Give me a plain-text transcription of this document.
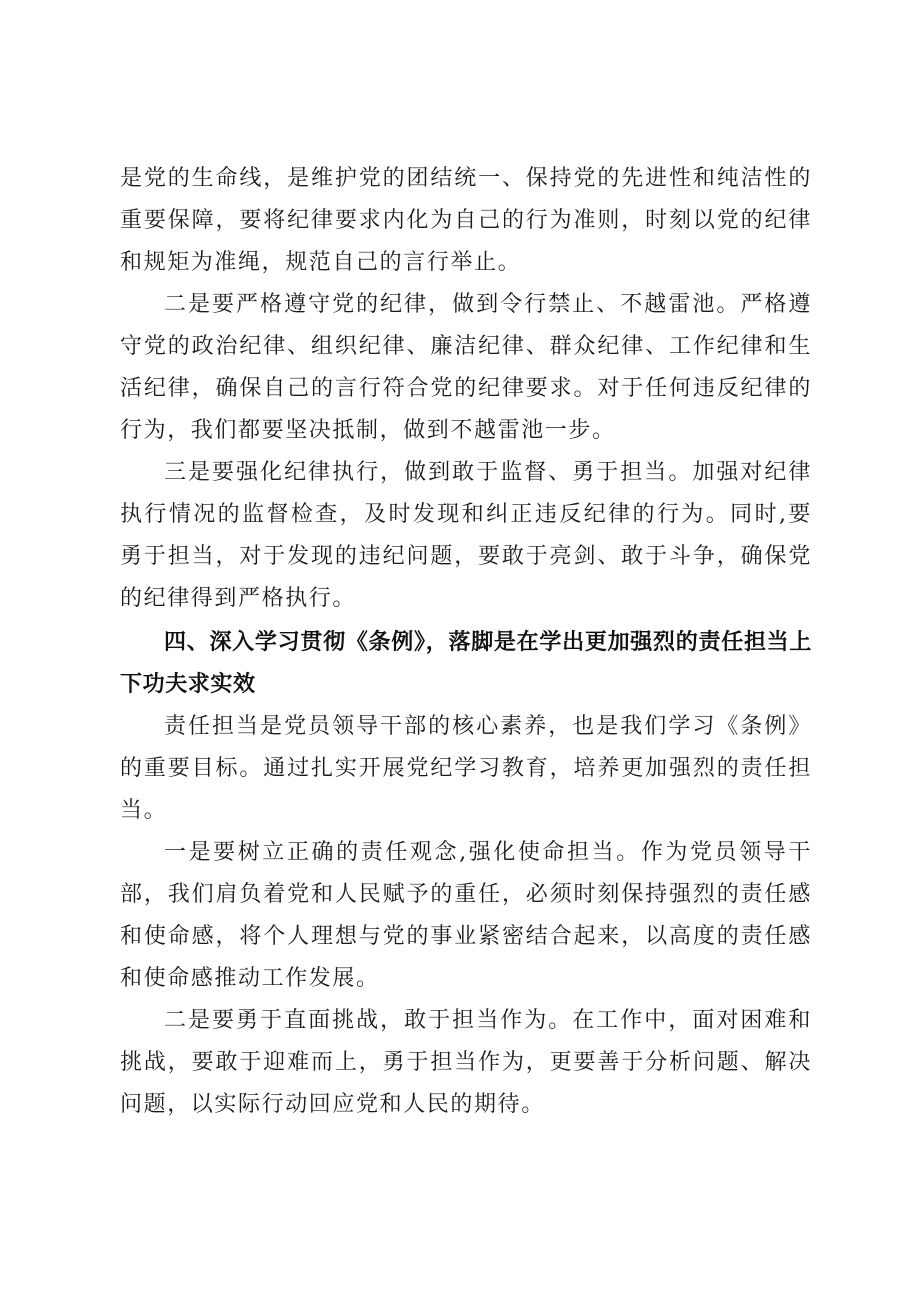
是党的生命线，是维护党的团结统一、保持党的先进性和纯洁性的重要保障，要将纪律要求内化为自己的行为准则，时刻以党的纪律和规矩为准绳，规范自己的言行举止。

二是要严格遵守党的纪律，做到令行禁止、不越雷池。严格遵守党的政治纪律、组织纪律、廉洁纪律、群众纪律、工作纪律和生活纪律，确保自己的言行符合党的纪律要求。对于任何违反纪律的行为，我们都要坚决抵制，做到不越雷池一步。

三是要强化纪律执行，做到敢于监督、勇于担当。加强对纪律执行情况的监督检查，及时发现和纠正违反纪律的行为。同时,要勇于担当，对于发现的违纪问题，要敢于亮剑、敢于斗争，确保党的纪律得到严格执行。

四、深入学习贯彻《条例》，落脚是在学出更加强烈的责任担当上下功夫求实效

责任担当是党员领导干部的核心素养，也是我们学习《条例》的重要目标。通过扎实开展党纪学习教育，培养更加强烈的责任担当。

一是要树立正确的责任观念,强化使命担当。作为党员领导干部，我们肩负着党和人民赋予的重任，必须时刻保持强烈的责任感和使命感，将个人理想与党的事业紧密结合起来，以高度的责任感和使命感推动工作发展。

二是要勇于直面挑战，敢于担当作为。在工作中，面对困难和挑战，要敢于迎难而上，勇于担当作为，更要善于分析问题、解决问题，以实际行动回应党和人民的期待。
